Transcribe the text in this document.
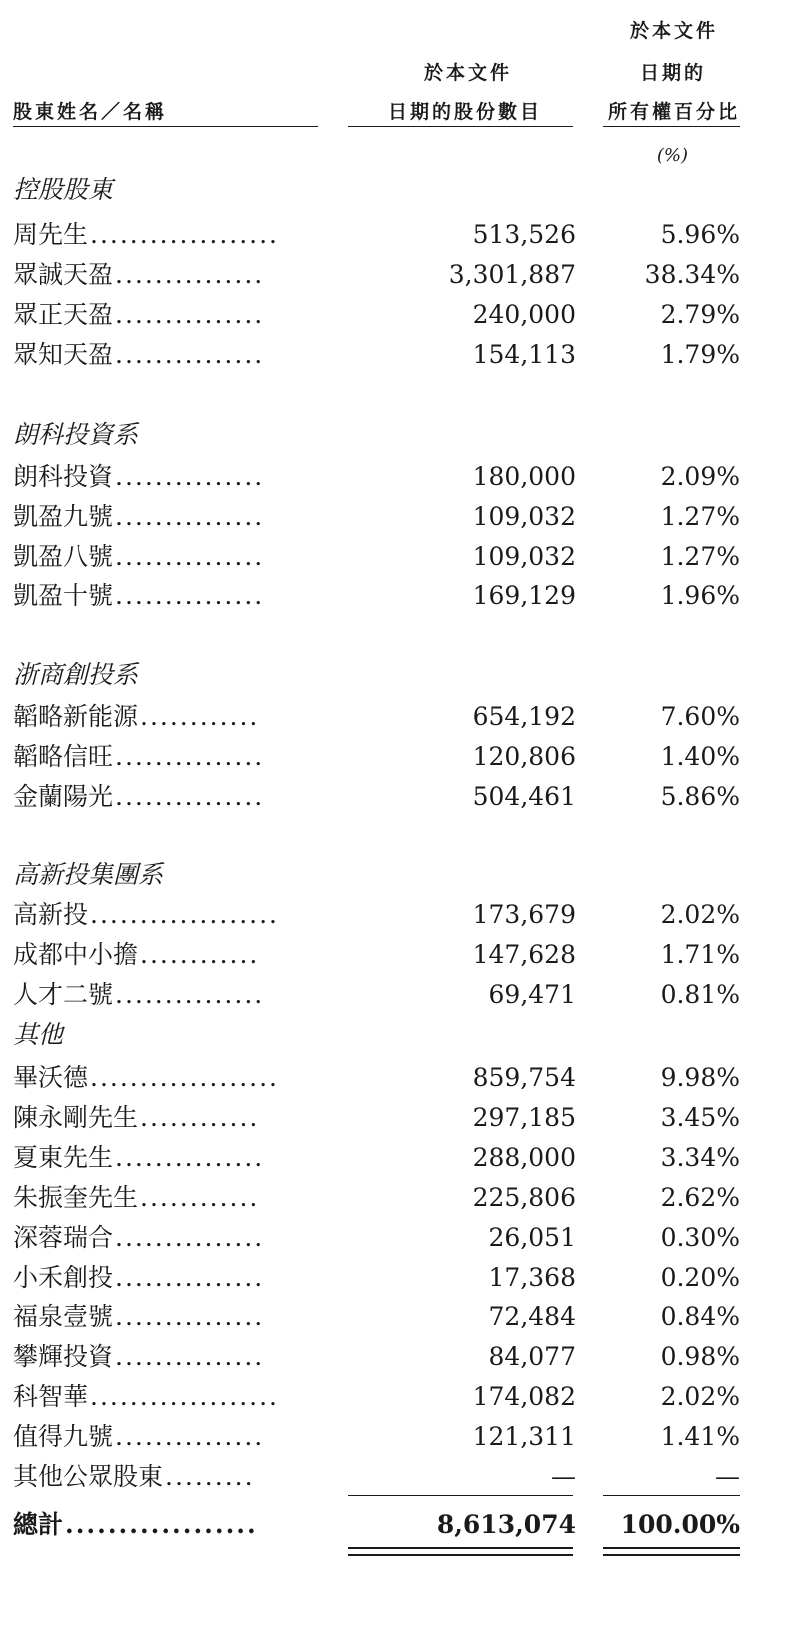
於本文件
於本文件	日期的
股東姓名／名稱	日期的股份數目	所有權百分比
(%)
控股股東
周先生...................	513,526	5.96%
眾誠天盈...............	3,301,887	38.34%
眾正天盈...............	240,000	2.79%
眾知天盈...............	154,113	1.79%
朗科投資系
朗科投資...............	180,000	2.09%
凱盈九號...............	109,032	1.27%
凱盈八號...............	109,032	1.27%
凱盈十號...............	169,129	1.96%
浙商創投系
韜略新能源............	654,192	7.60%
韜略信旺...............	120,806	1.40%
金蘭陽光...............	504,461	5.86%
高新投集團系
高新投...................	173,679	2.02%
成都中小擔............	147,628	1.71%
人才二號...............	69,471	0.81%
其他
畢沃德...................	859,754	9.98%
陳永剛先生............	297,185	3.45%
夏東先生...............	288,000	3.34%
朱振奎先生............	225,806	2.62%
深蓉瑞合...............	26,051	0.30%
小禾創投...............	17,368	0.20%
福泉壹號...............	72,484	0.84%
攀輝投資...............	84,077	0.98%
科智華...................	174,082	2.02%
值得九號...............	121,311	1.41%
其他公眾股東.........	—	—
總計..................	8,613,074 100.00%
